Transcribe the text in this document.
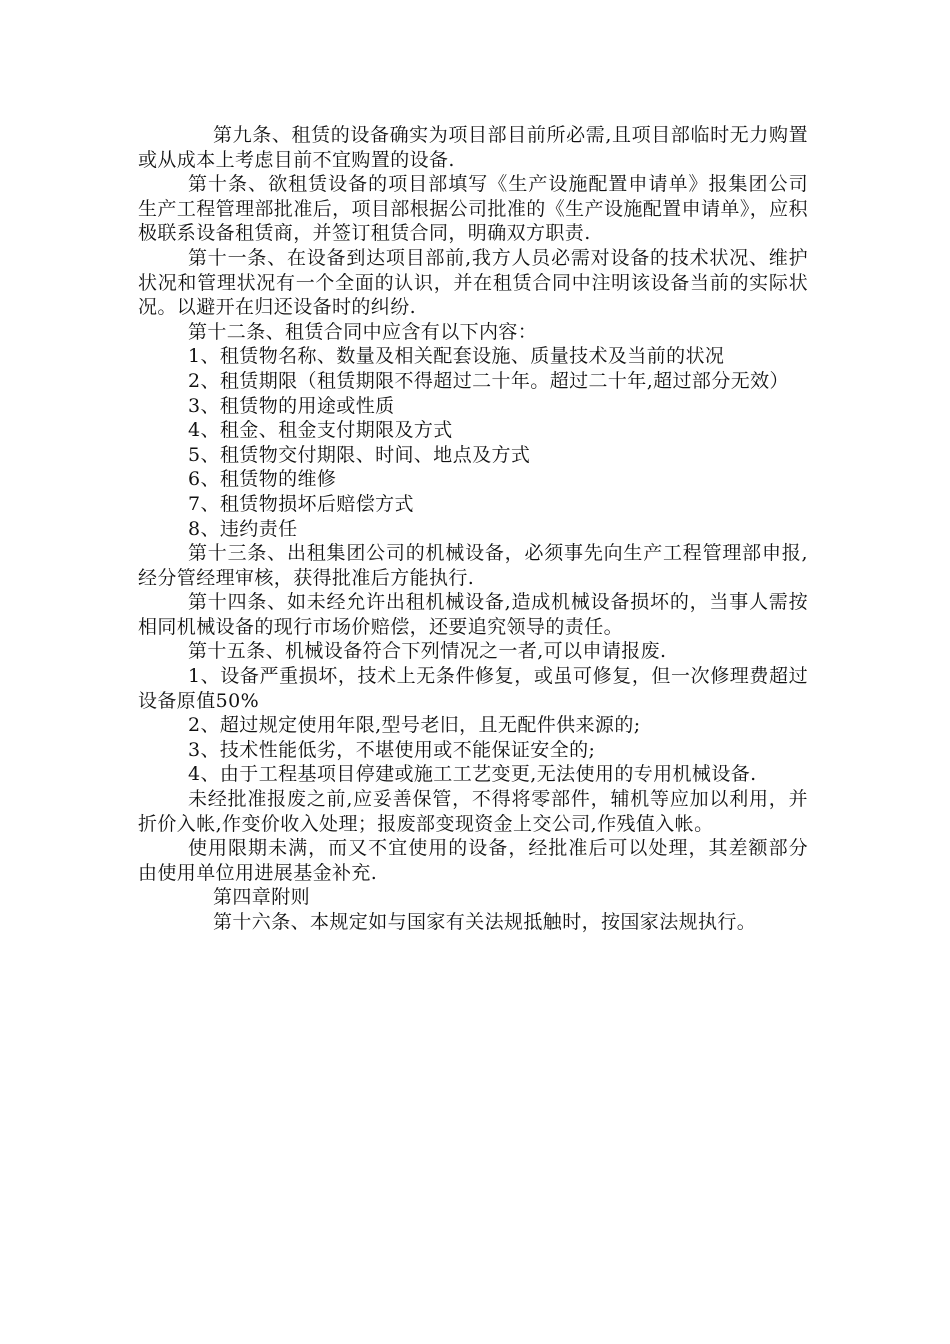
第九条、租赁的设备确实为项目部目前所必需,且项目部临时无力购置或从成本上考虑目前不宜购置的设备.

第十条、欲租赁设备的项目部填写《生产设施配置申请单》报集团公司生产工程管理部批准后，项目部根据公司批准的《生产设施配置申请单》，应积极联系设备租赁商，并签订租赁合同，明确双方职责.

第十一条、在设备到达项目部前,我方人员必需对设备的技术状况、维护状况和管理状况有一个全面的认识，并在租赁合同中注明该设备当前的实际状况。以避开在归还设备时的纠纷.

第十二条、租赁合同中应含有以下内容：

1、租赁物名称、数量及相关配套设施、质量技术及当前的状况

2、租赁期限（租赁期限不得超过二十年。超过二十年,超过部分无效）

3、租赁物的用途或性质

4、租金、租金支付期限及方式

5、租赁物交付期限、时间、地点及方式

6、租赁物的维修

7、租赁物损坏后赔偿方式

8、违约责任

第十三条、出租集团公司的机械设备，必须事先向生产工程管理部申报,经分管经理审核，获得批准后方能执行.

第十四条、如未经允许出租机械设备,造成机械设备损坏的，当事人需按相同机械设备的现行市场价赔偿，还要追究领导的责任。

第十五条、机械设备符合下列情况之一者,可以申请报废.

1、设备严重损坏，技术上无条件修复，或虽可修复，但一次修理费超过设备原值50%

2、超过规定使用年限,型号老旧，且无配件供来源的;

3、技术性能低劣，不堪使用或不能保证安全的;

4、由于工程基项目停建或施工工艺变更,无法使用的专用机械设备.

未经批准报废之前,应妥善保管，不得将零部件，辅机等应加以利用，并折价入帐,作变价收入处理；报废部变现资金上交公司,作残值入帐。

使用限期未满，而又不宜使用的设备，经批准后可以处理，其差额部分由使用单位用进展基金补充.

第四章附则

第十六条、本规定如与国家有关法规抵触时，按国家法规执行。
